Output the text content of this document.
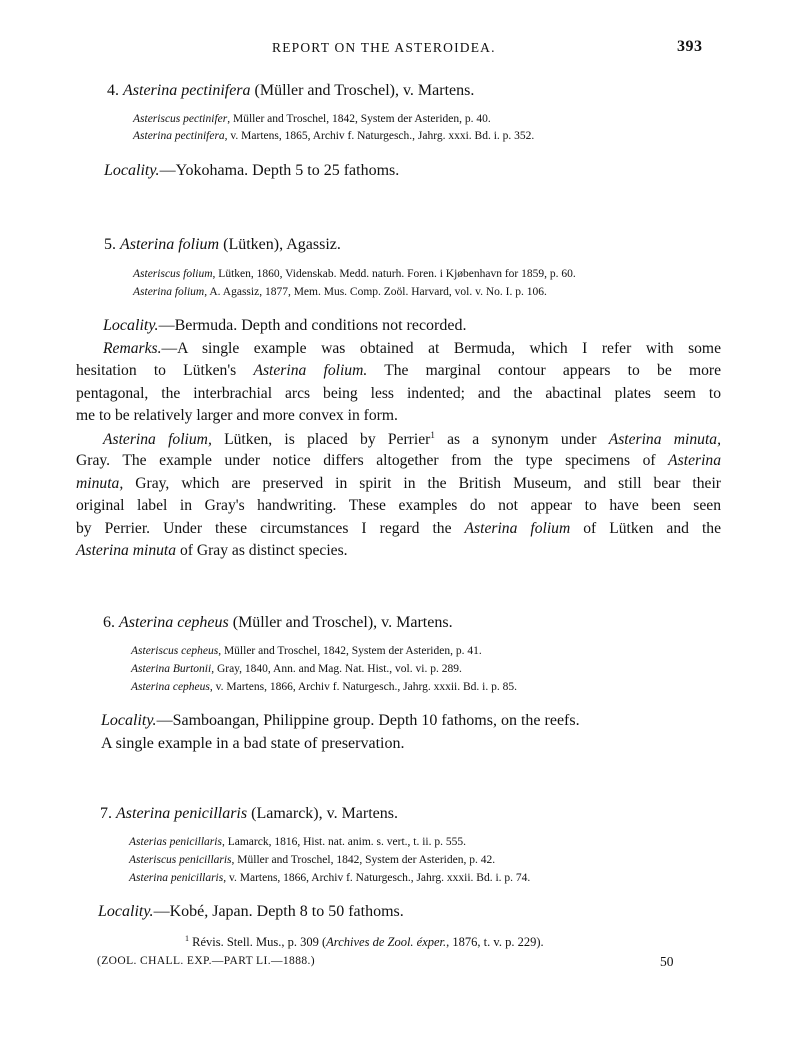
REPORT ON THE ASTEROIDEA.	393
4. Asterina pectinifera (Müller and Troschel), v. Martens.
Asteriscus pectinifer, Müller and Troschel, 1842, System der Asteriden, p. 40.
Asterina pectinifera, v. Martens, 1865, Archiv f. Naturgesch., Jahrg. xxxi. Bd. i. p. 352.
Locality.—Yokohama. Depth 5 to 25 fathoms.
5. Asterina folium (Lütken), Agassiz.
Asteriscus folium, Lütken, 1860, Videnskab. Medd. naturh. Foren. i Kjøbenhavn for 1859, p. 60.
Asterina folium, A. Agassiz, 1877, Mem. Mus. Comp. Zoöl. Harvard, vol. v. No. I. p. 106.
Locality.—Bermuda. Depth and conditions not recorded.
Remarks.—A single example was obtained at Bermuda, which I refer with some
hesitation to Lütken's Asterina folium. The marginal contour appears to be more
pentagonal, the interbrachial arcs being less indented; and the abactinal plates seem to
me to be relatively larger and more convex in form.
Asterina folium, Lütken, is placed by Perrier$^1$ as a synonym under Asterina minuta,
Gray. The example under notice differs altogether from the type specimens of Asterina
minuta, Gray, which are preserved in spirit in the British Museum, and still bear their
original label in Gray's handwriting. These examples do not appear to have been seen
by Perrier. Under these circumstances I regard the Asterina folium of Lütken and the
Asterina minuta of Gray as distinct species.
6. Asterina cepheus (Müller and Troschel), v. Martens.
Asteriscus cepheus, Müller and Troschel, 1842, System der Asteriden, p. 41.
Asterina Burtonii, Gray, 1840, Ann. and Mag. Nat. Hist., vol. vi. p. 289.
Asterina cepheus, v. Martens, 1866, Archiv f. Naturgesch., Jahrg. xxxii. Bd. i. p. 85.
Locality.—Samboangan, Philippine group. Depth 10 fathoms, on the reefs.
A single example in a bad state of preservation.
7. Asterina penicillaris (Lamarck), v. Martens.
Asterias penicillaris, Lamarck, 1816, Hist. nat. anim. s. vert., t. ii. p. 555.
Asteriscus penicillaris, Müller and Troschel, 1842, System der Asteriden, p. 42.
Asterina penicillaris, v. Martens, 1866, Archiv f. Naturgesch., Jahrg. xxxii. Bd. i. p. 74.
Locality.—Kobé, Japan. Depth 8 to 50 fathoms.
$^1$ Révis. Stell. Mus., p. 309 (Archives de Zool. éxper., 1876, t. v. p. 229).
(ZOOL. CHALL. EXP.—PART LI.—1888.)	50
